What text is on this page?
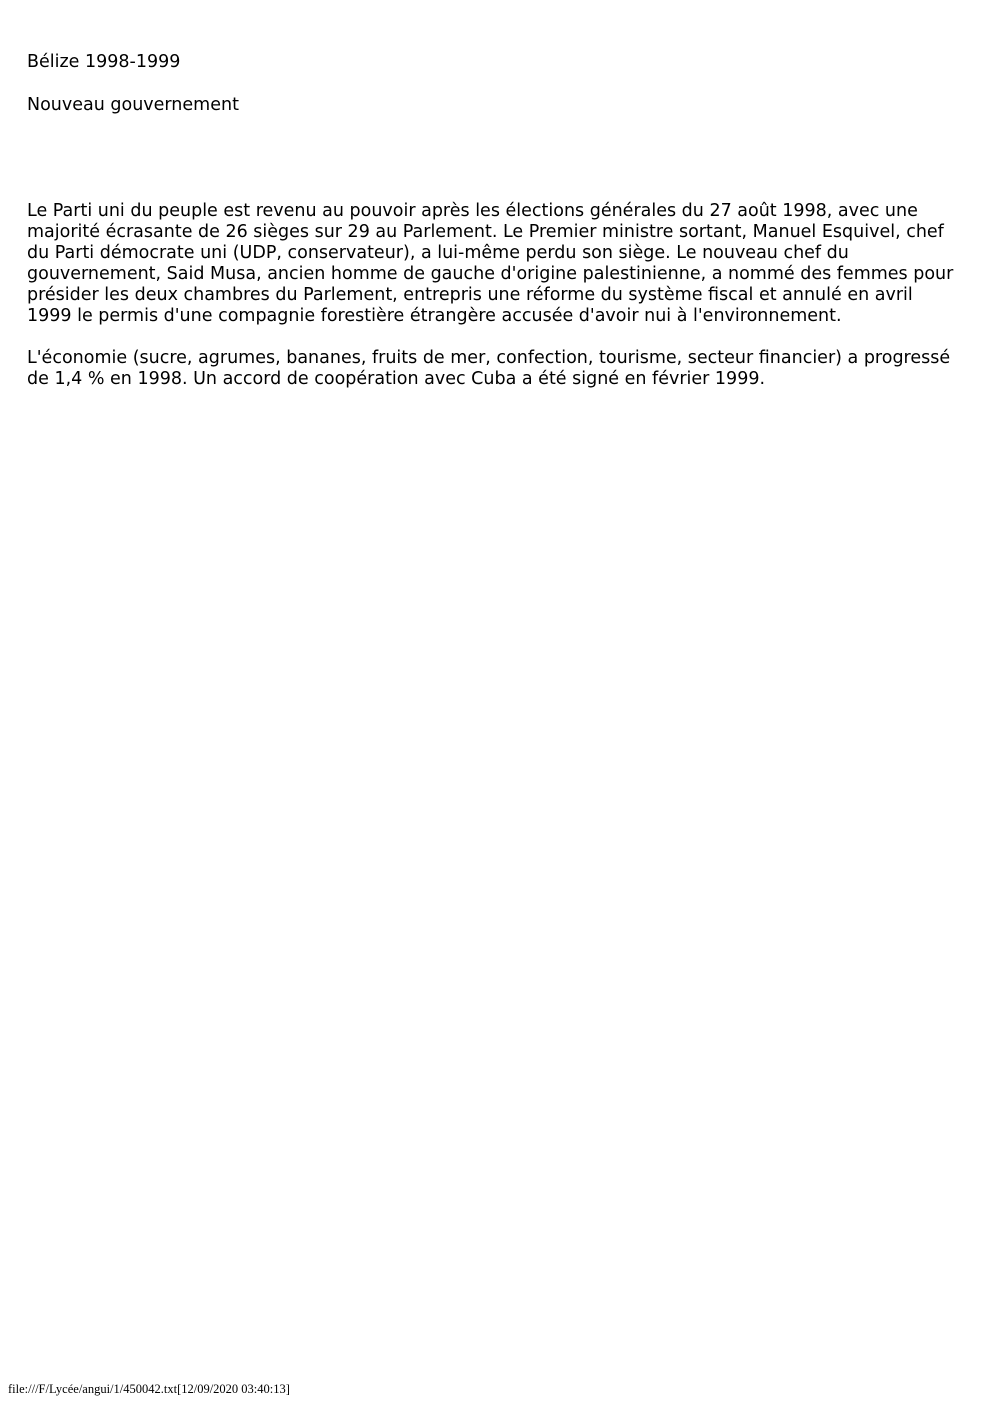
Bélize 1998-1999
Nouveau gouvernement
Le Parti uni du peuple est revenu au pouvoir après les élections générales du 27 août 1998, avec une
majorité écrasante de 26 sièges sur 29 au Parlement. Le Premier ministre sortant, Manuel Esquivel, chef
du Parti démocrate uni (UDP, conservateur), a lui-même perdu son siège. Le nouveau chef du
gouvernement, Said Musa, ancien homme de gauche d'origine palestinienne, a nommé des femmes pour
présider les deux chambres du Parlement, entrepris une réforme du système fiscal et annulé en avril
1999 le permis d'une compagnie forestière étrangère accusée d'avoir nui à l'environnement.
L'économie (sucre, agrumes, bananes, fruits de mer, confection, tourisme, secteur financier) a progressé
de 1,4 % en 1998. Un accord de coopération avec Cuba a été signé en février 1999.
file:///F/Lycée/angui/1/450042.txt[12/09/2020 03:40:13]
